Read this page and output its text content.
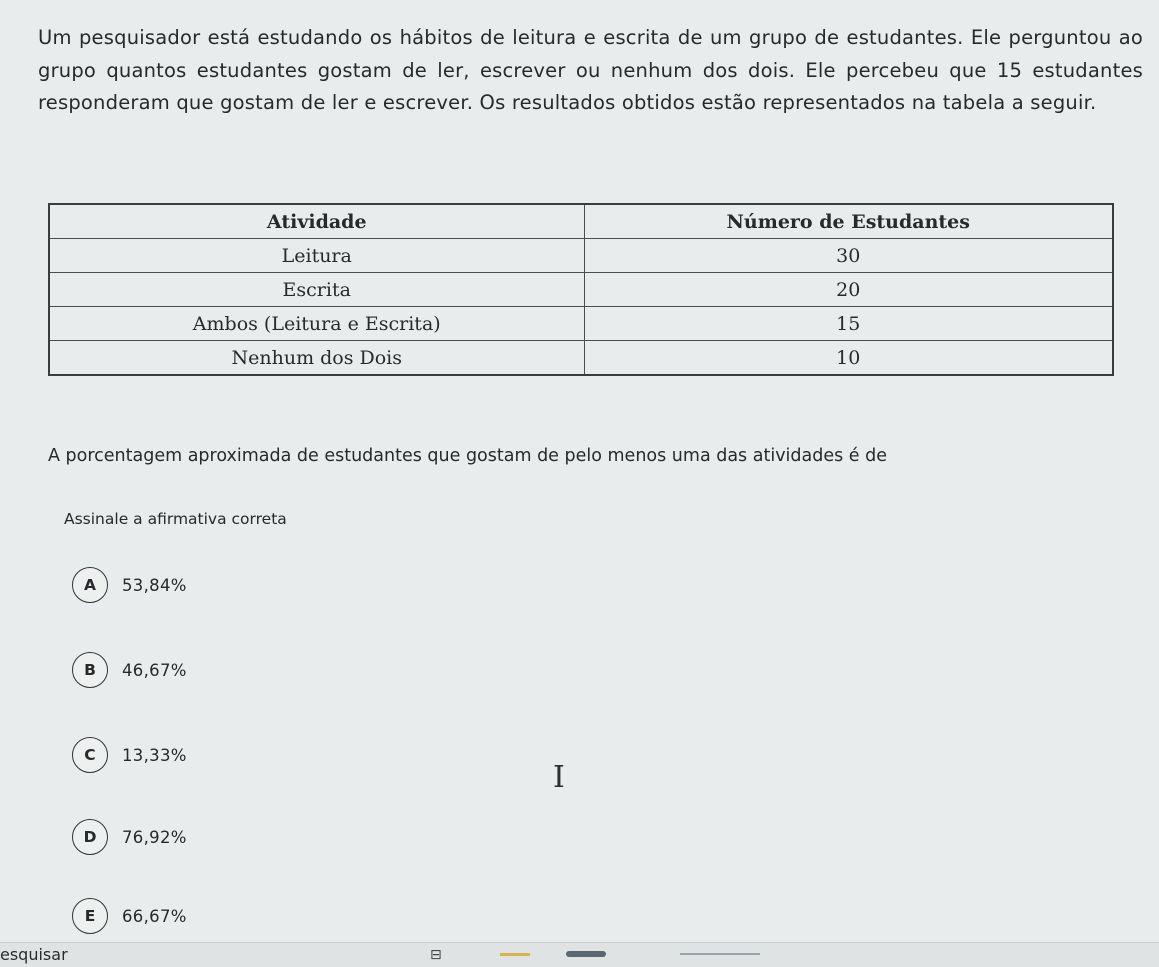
Um pesquisador está estudando os hábitos de leitura e escrita de um grupo de estudantes. Ele perguntou ao grupo quantos estudantes gostam de ler, escrever ou nenhum dos dois. Ele percebeu que 15 estudantes responderam que gostam de ler e escrever. Os resultados obtidos estão representados na tabela a seguir.

Atividade	Número de Estudantes
Leitura	30
Escrita	20
Ambos (Leitura e Escrita)	15
Nenhum dos Dois	10

A porcentagem aproximada de estudantes que gostam de pelo menos uma das atividades é de

Assinale a afirmativa correta

A	53,84%
B	46,67%
C	13,33%
D	76,92%
E	66,67%
I
esquisar	⊟
